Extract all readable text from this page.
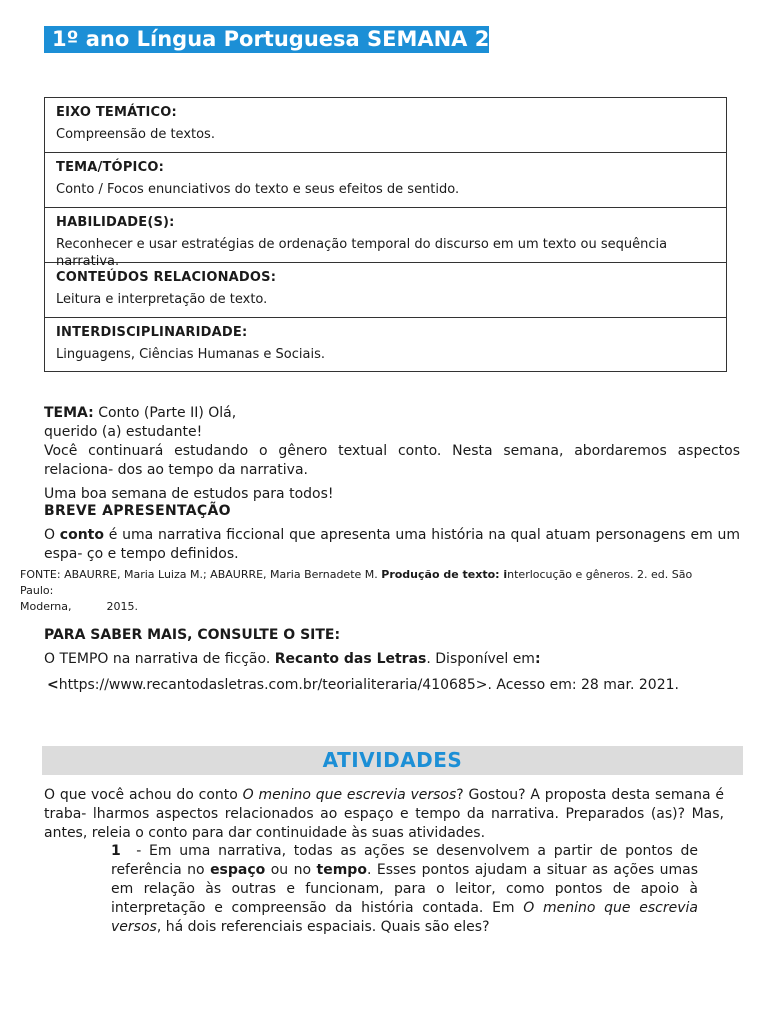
1º ano Língua Portuguesa SEMANA 2
EIXO TEMÁTICO:
Compreensão de textos.
TEMA/TÓPICO:
Conto / Focos enunciativos do texto e seus efeitos de sentido.
HABILIDADE(S):
Reconhecer e usar estratégias de ordenação temporal do discurso em um texto ou sequência narrativa.
CONTEÚDOS RELACIONADOS:
Leitura e interpretação de texto.
INTERDISCIPLINARIDADE:
Linguagens, Ciências Humanas e Sociais.
TEMA: Conto (Parte II) Olá,
querido (a) estudante!
Você continuará estudando o gênero textual conto. Nesta semana, abordaremos aspectos relaciona- dos ao tempo da narrativa.
Uma boa semana de estudos para todos!
BREVE APRESENTAÇÃO
O conto é uma narrativa ficcional que apresenta uma história na qual atuam personagens em um espa- ço e tempo definidos.
FONTE: ABAURRE, Maria Luiza M.; ABAURRE, Maria Bernadete M. Produção de texto: interlocução e gêneros. 2. ed. São Paulo:
Moderna,          2015.
PARA SABER MAIS, CONSULTE O SITE:
O TEMPO na narrativa de ficção. Recanto das Letras. Disponível em:
<https://www.recantodasletras.com.br/teorialiteraria/410685>. Acesso em: 28 mar. 2021.
ATIVIDADES
O que você achou do conto O menino que escrevia versos? Gostou? A proposta desta semana é traba- lharmos aspectos relacionados ao espaço e tempo da narrativa. Preparados (as)? Mas, antes, releia o conto para dar continuidade às suas atividades.
1  - Em uma narrativa, todas as ações se desenvolvem a partir de pontos de referência no espaço ou no tempo. Esses pontos ajudam a situar as ações umas em relação às outras e funcionam, para o leitor, como pontos de apoio à interpretação e compreensão da história contada. Em O menino que escrevia versos, há dois referenciais espaciais. Quais são eles?
